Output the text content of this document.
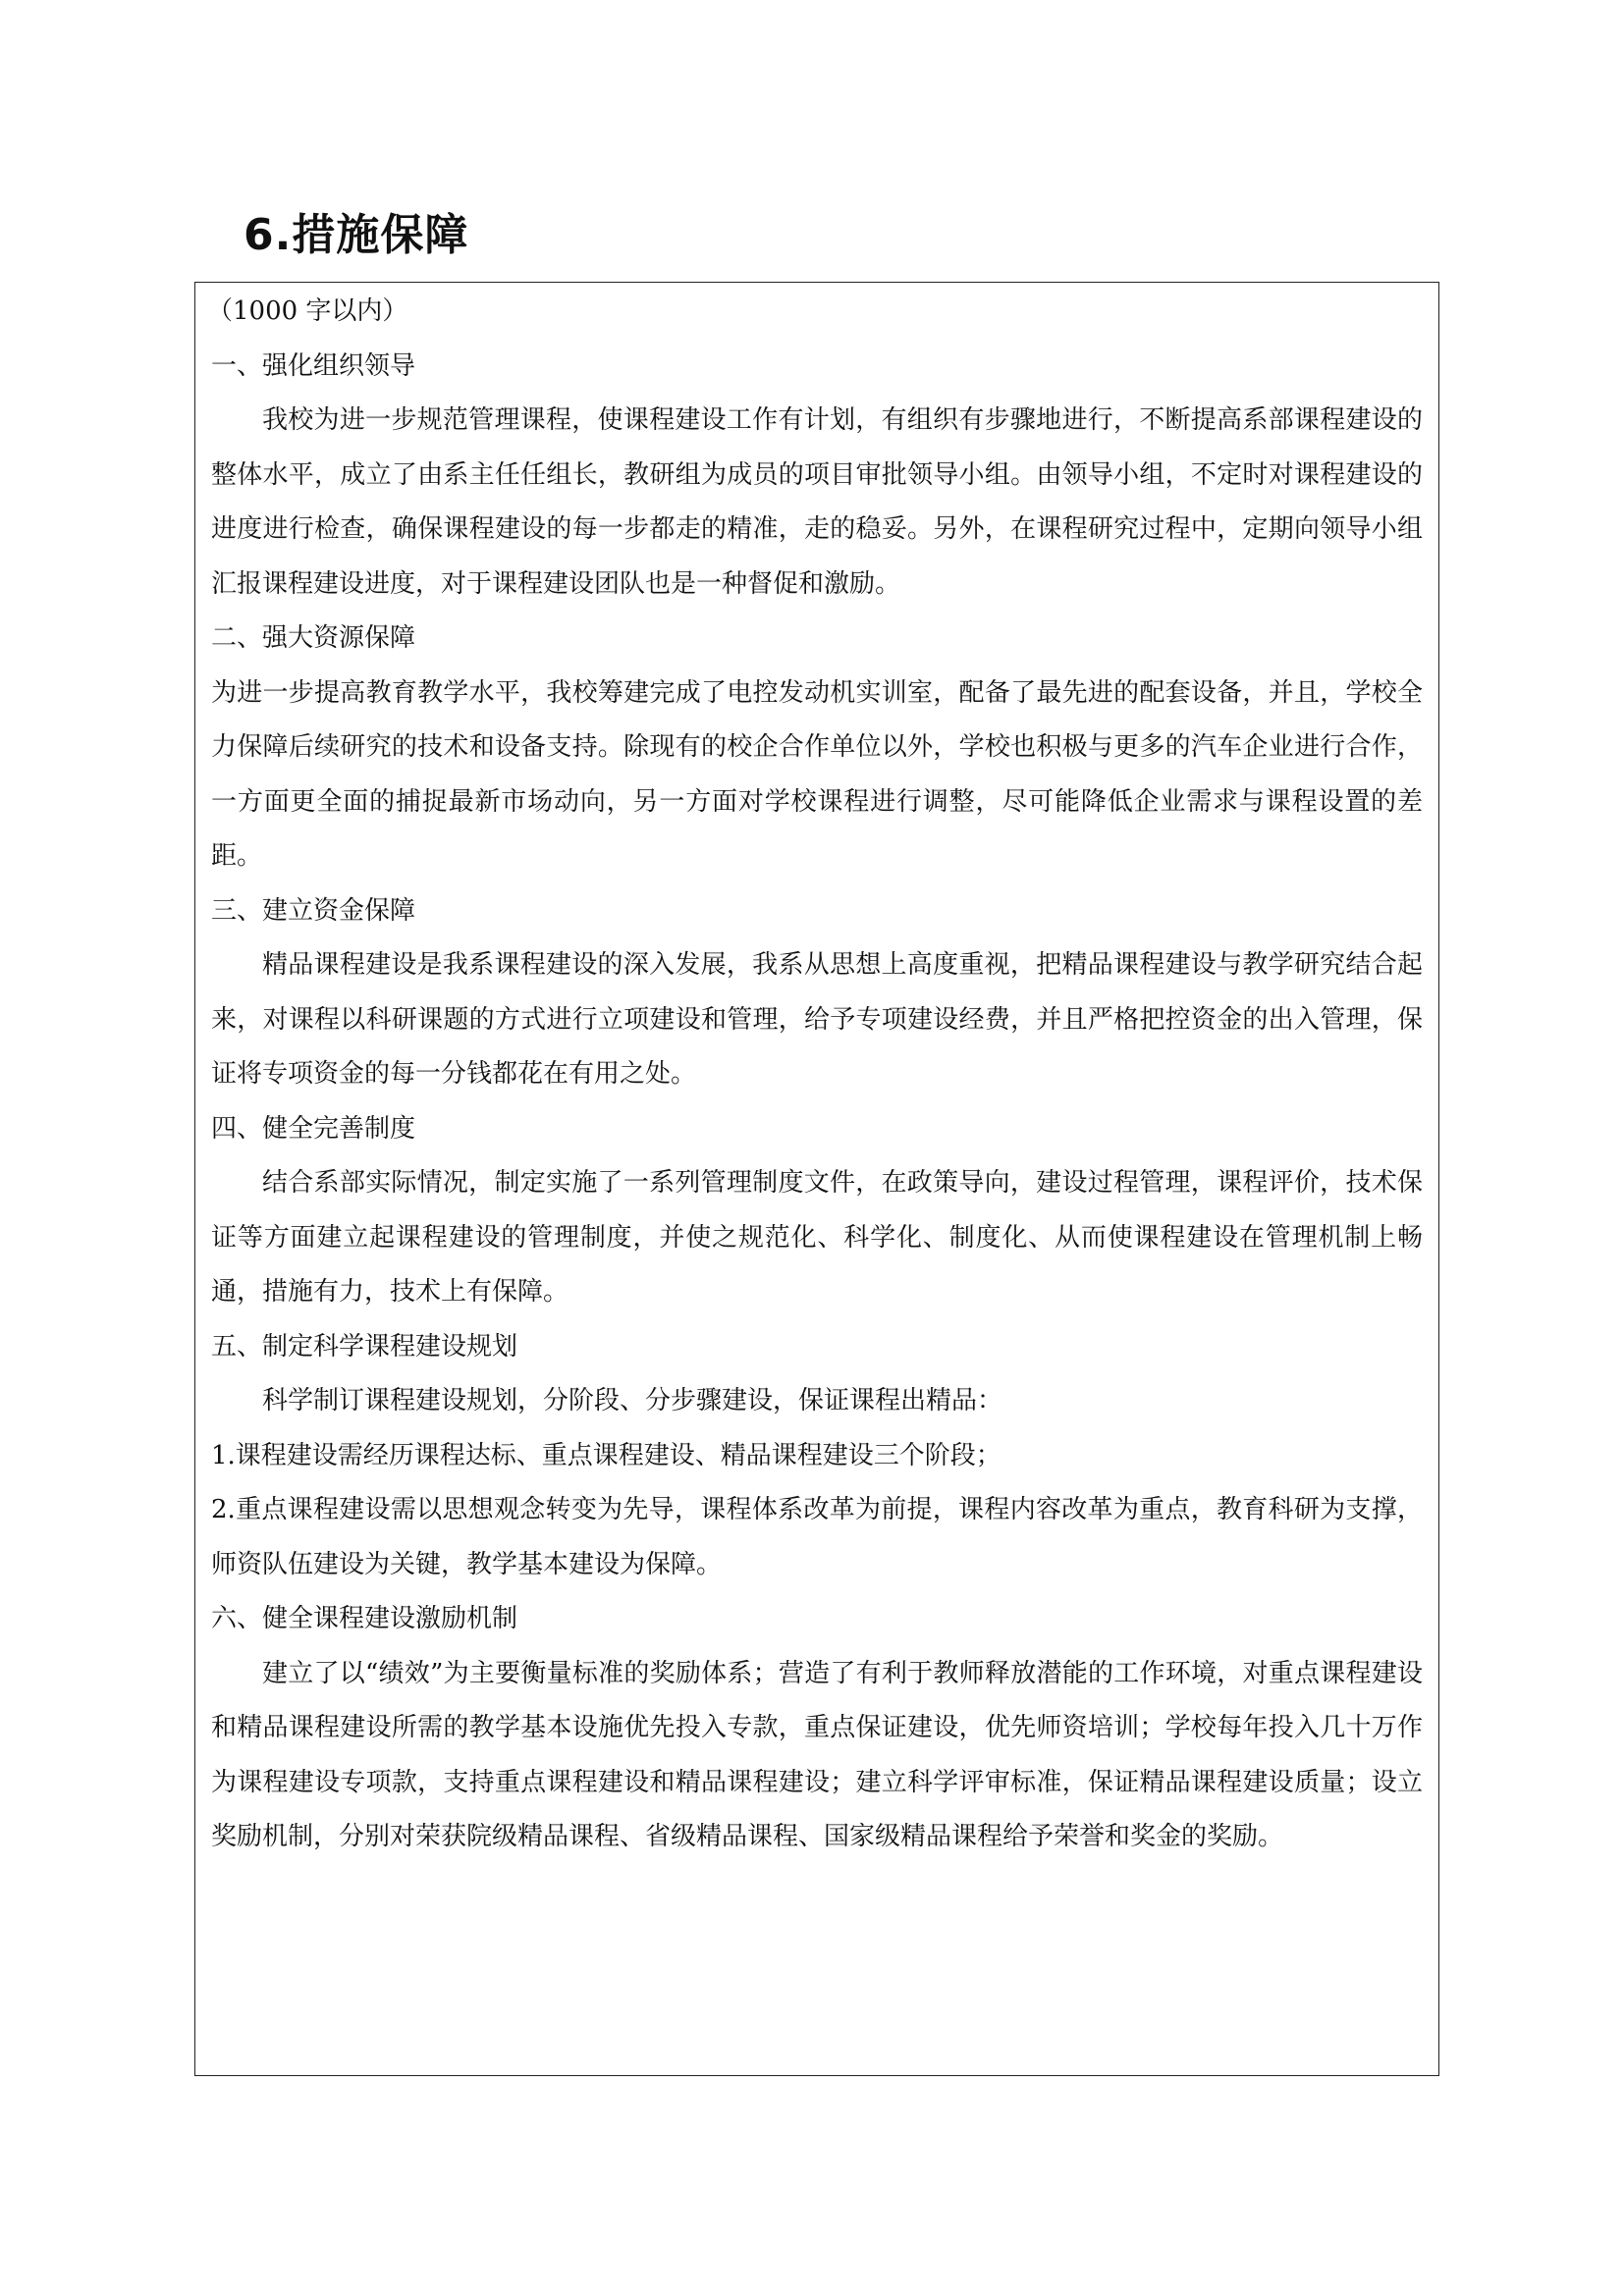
6.措施保障

（1000 字以内）

一、强化组织领导

我校为进一步规范管理课程，使课程建设工作有计划，有组织有步骤地进行，不断提高系部课程建设的整体水平，成立了由系主任任组长，教研组为成员的项目审批领导小组。由领导小组，不定时对课程建设的进度进行检查，确保课程建设的每一步都走的精准，走的稳妥。另外，在课程研究过程中，定期向领导小组汇报课程建设进度，对于课程建设团队也是一种督促和激励。

二、强大资源保障

为进一步提高教育教学水平，我校筹建完成了电控发动机实训室，配备了最先进的配套设备，并且，学校全力保障后续研究的技术和设备支持。除现有的校企合作单位以外，学校也积极与更多的汽车企业进行合作，一方面更全面的捕捉最新市场动向，另一方面对学校课程进行调整，尽可能降低企业需求与课程设置的差距。

三、建立资金保障

精品课程建设是我系课程建设的深入发展，我系从思想上高度重视，把精品课程建设与教学研究结合起来，对课程以科研课题的方式进行立项建设和管理，给予专项建设经费，并且严格把控资金的出入管理，保证将专项资金的每一分钱都花在有用之处。

四、健全完善制度

结合系部实际情况，制定实施了一系列管理制度文件，在政策导向，建设过程管理，课程评价，技术保证等方面建立起课程建设的管理制度，并使之规范化、科学化、制度化、从而使课程建设在管理机制上畅通，措施有力，技术上有保障。

五、制定科学课程建设规划

科学制订课程建设规划，分阶段、分步骤建设，保证课程出精品：

1.课程建设需经历课程达标、重点课程建设、精品课程建设三个阶段；

2.重点课程建设需以思想观念转变为先导，课程体系改革为前提，课程内容改革为重点，教育科研为支撑，师资队伍建设为关键，教学基本建设为保障。

六、健全课程建设激励机制

建立了以“绩效”为主要衡量标准的奖励体系；营造了有利于教师释放潜能的工作环境，对重点课程建设和精品课程建设所需的教学基本设施优先投入专款，重点保证建设，优先师资培训；学校每年投入几十万作为课程建设专项款，支持重点课程建设和精品课程建设；建立科学评审标准，保证精品课程建设质量；设立奖励机制，分别对荣获院级精品课程、省级精品课程、国家级精品课程给予荣誉和奖金的奖励。
